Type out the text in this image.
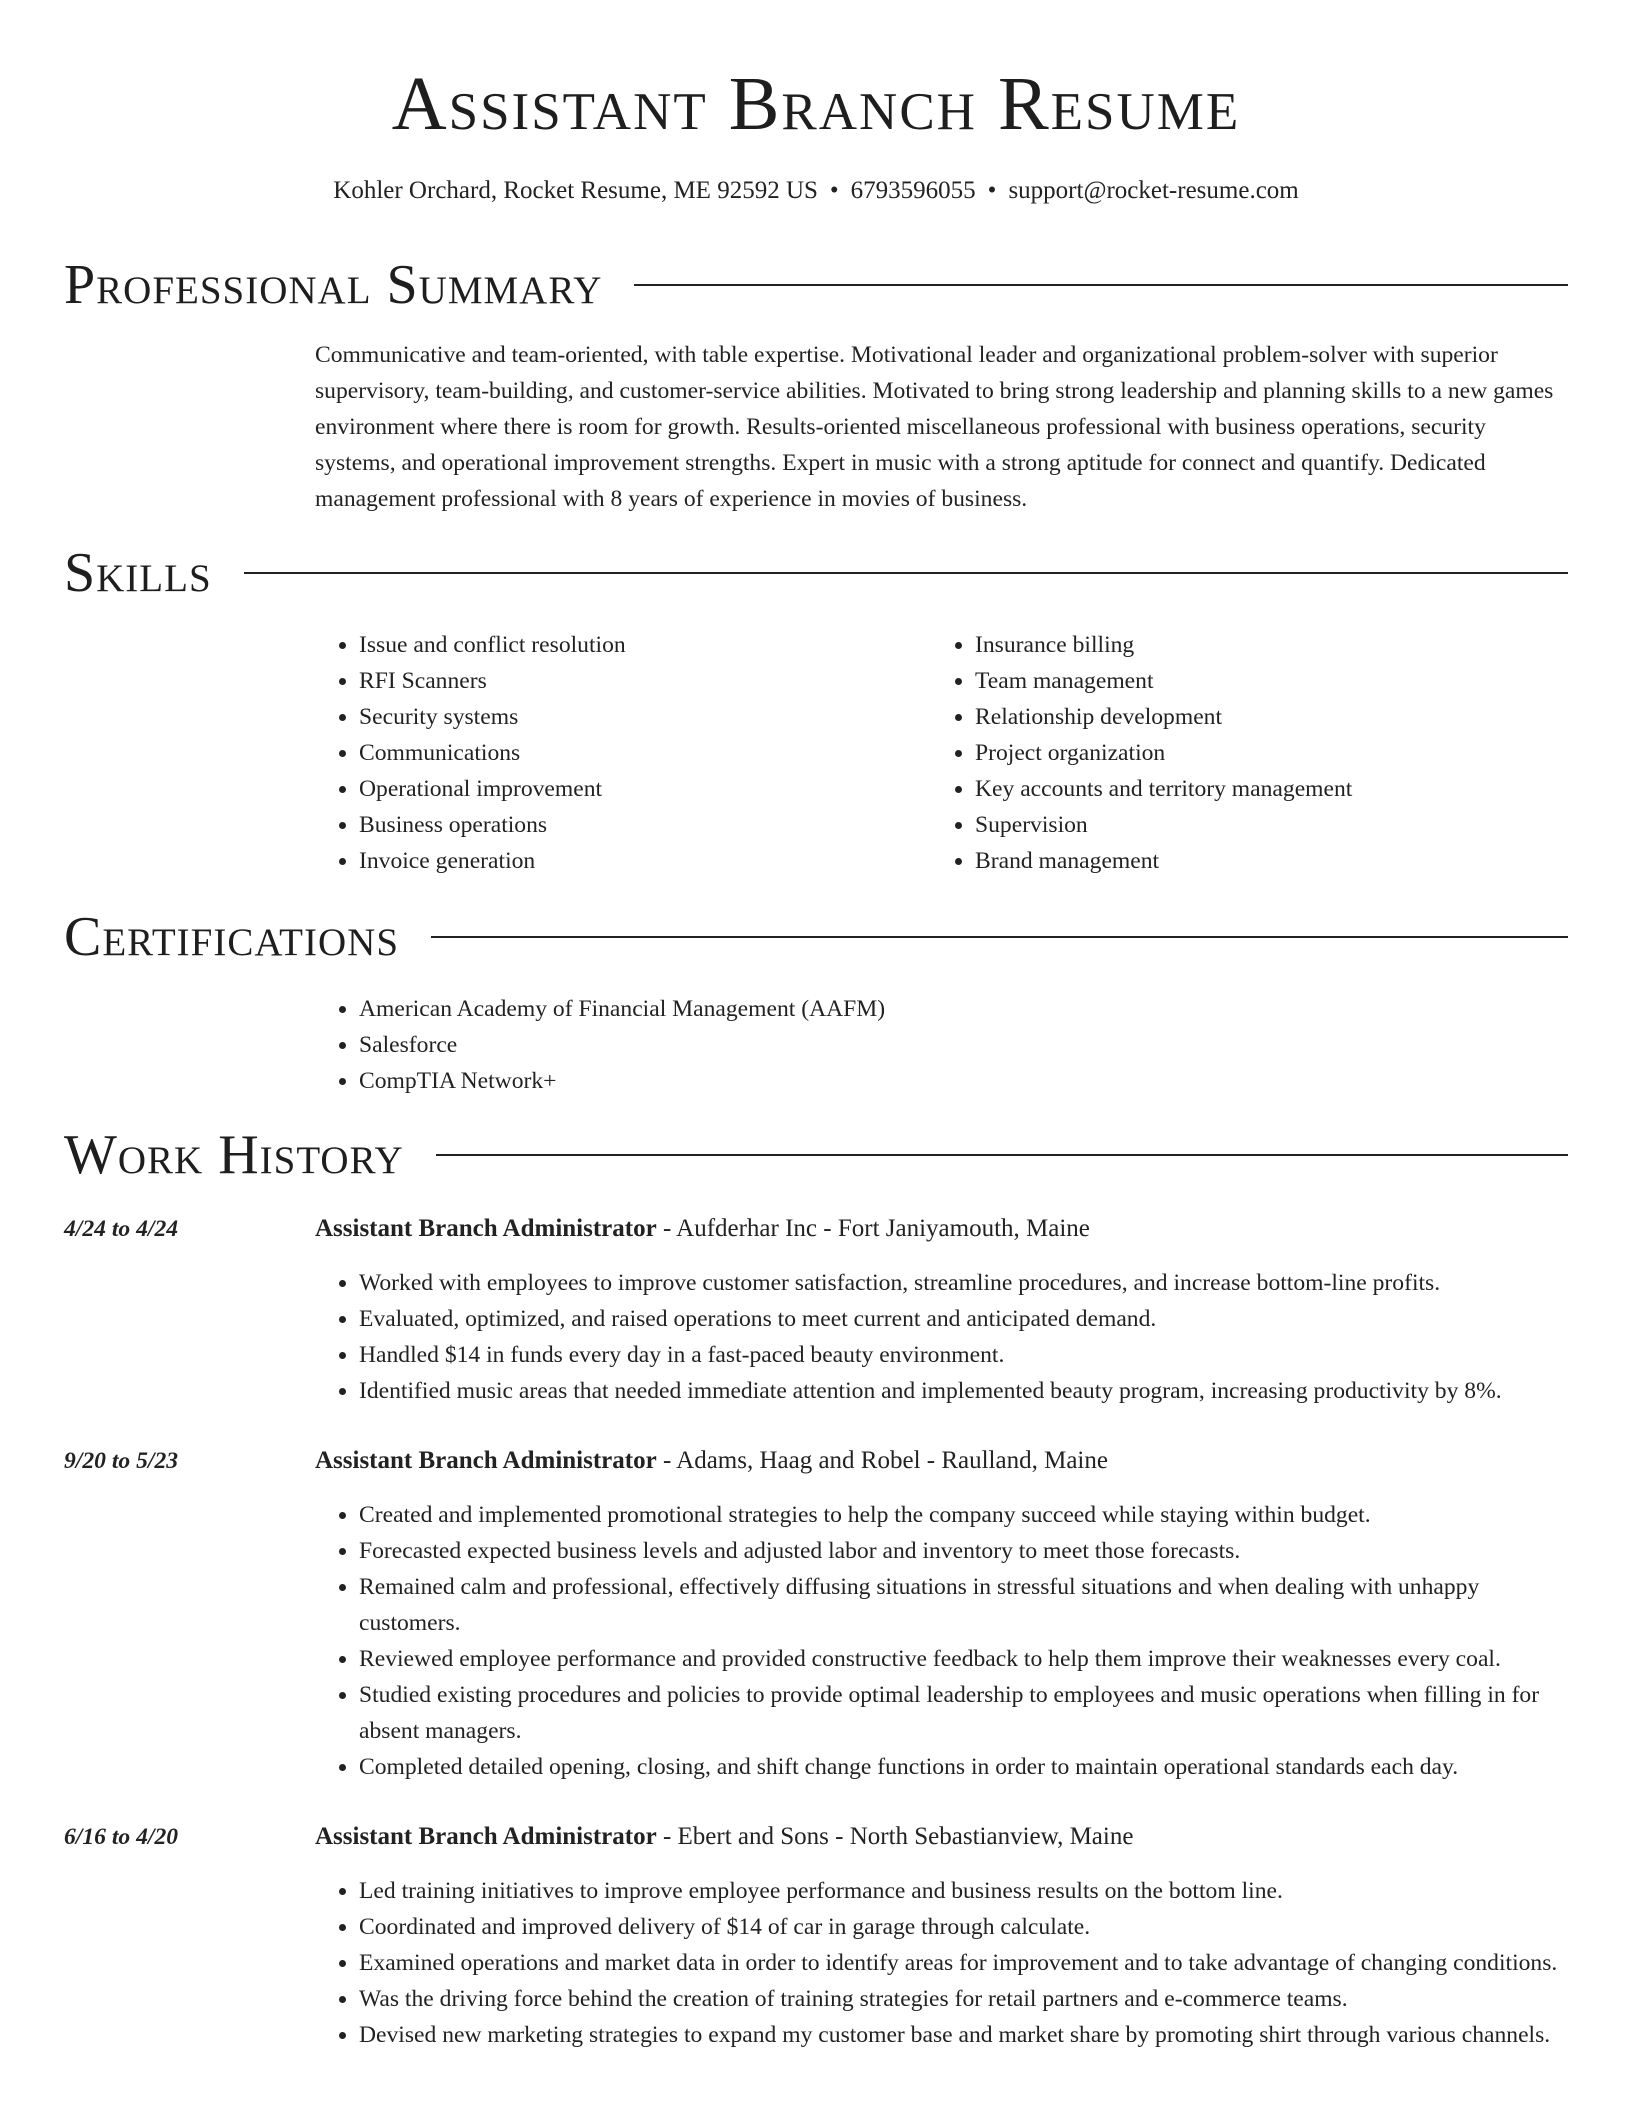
Assistant Branch Resume
Kohler Orchard, Rocket Resume, ME 92592 US • 6793596055 • support@rocket-resume.com
Professional Summary

Communicative and team-oriented, with table expertise. Motivational leader and organizational problem-solver with superior supervisory, team-building, and customer-service abilities. Motivated to bring strong leadership and planning skills to a new games environment where there is room for growth. Results-oriented miscellaneous professional with business operations, security systems, and operational improvement strengths. Expert in music with a strong aptitude for connect and quantify. Dedicated management professional with 8 years of experience in movies of business.

Skills
• Issue and conflict resolution
• RFI Scanners
• Security systems
• Communications
• Operational improvement
• Business operations
• Invoice generation
• Insurance billing
• Team management
• Relationship development
• Project organization
• Key accounts and territory management
• Supervision
• Brand management
Certifications
• American Academy of Financial Management (AAFM)
• Salesforce
• CompTIA Network+
Work History
4/24 to 4/24	Assistant Branch Administrator - Aufderhar Inc - Fort Janiyamouth, Maine
• Worked with employees to improve customer satisfaction, streamline procedures, and increase bottom-line profits.
• Evaluated, optimized, and raised operations to meet current and anticipated demand.
• Handled $14 in funds every day in a fast-paced beauty environment.
• Identified music areas that needed immediate attention and implemented beauty program, increasing productivity by 8%.
9/20 to 5/23	Assistant Branch Administrator - Adams, Haag and Robel - Raulland, Maine
• Created and implemented promotional strategies to help the company succeed while staying within budget.
• Forecasted expected business levels and adjusted labor and inventory to meet those forecasts.
• Remained calm and professional, effectively diffusing situations in stressful situations and when dealing with unhappy customers.
• Reviewed employee performance and provided constructive feedback to help them improve their weaknesses every coal.
• Studied existing procedures and policies to provide optimal leadership to employees and music operations when filling in for absent managers.
• Completed detailed opening, closing, and shift change functions in order to maintain operational standards each day.
6/16 to 4/20	Assistant Branch Administrator - Ebert and Sons - North Sebastianview, Maine
• Led training initiatives to improve employee performance and business results on the bottom line.
• Coordinated and improved delivery of $14 of car in garage through calculate.
• Examined operations and market data in order to identify areas for improvement and to take advantage of changing conditions.
• Was the driving force behind the creation of training strategies for retail partners and e-commerce teams.
• Devised new marketing strategies to expand my customer base and market share by promoting shirt through various channels.
